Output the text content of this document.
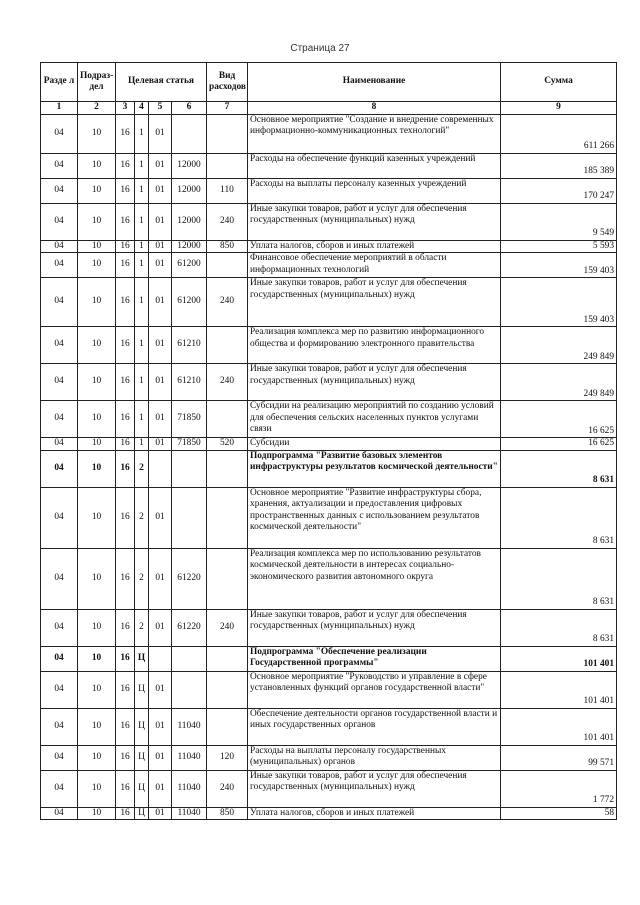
Страница 27
Разде л	Подраз-дел	Целевая статья				Вид расходов	Наименование	Сумма
1	2	3	4	5	6	7	8	9
04	10	16	1	01			Основное мероприятие "Создание и внедрение современных информационно-коммуникационных технологий"	611 266
04	10	16	1	01	12000		Расходы на обеспечение функций казенных учреждений	185 389
04	10	16	1	01	12000	110	Расходы на выплаты персоналу казенных учреждений	170 247
04	10	16	1	01	12000	240	Иные закупки товаров, работ и услуг для обеспечения государственных (муниципальных) нужд	9 549
04	10	16	1	01	12000	850	Уплата налогов, сборов и иных платежей	5 593
04	10	16	1	01	61200		Финансовое обеспечение мероприятий в области информационных технологий	159 403
04	10	16	1	01	61200	240	Иные закупки товаров, работ и услуг для обеспечения государственных (муниципальных) нужд	159 403
04	10	16	1	01	61210		Реализация комплекса мер по развитию информационного общества и формированию электронного правительства	249 849
04	10	16	1	01	61210	240	Иные закупки товаров, работ и услуг для обеспечения государственных (муниципальных) нужд	249 849
04	10	16	1	01	71850		Субсидии на реализацию мероприятий по созданию условий для обеспечения сельских населенных пунктов услугами связи	16 625
04	10	16	1	01	71850	520	Субсидии	16 625
04	10	16	2				Подпрограмма "Развитие базовых элементов инфраструктуры результатов космической деятельности"	8 631
04	10	16	2	01			Основное мероприятие "Развитие инфраструктуры сбора, хранения, актуализации и предоставления цифровых пространственных данных с использованием результатов космической деятельности"	8 631
04	10	16	2	01	61220		Реализация комплекса мер по использованию результатов космической деятельности в интересах социально-экономического развития автономного округа	8 631
04	10	16	2	01	61220	240	Иные закупки товаров, работ и услуг для обеспечения государственных (муниципальных) нужд	8 631
04	10	16	Ц				Подпрограмма "Обеспечение реализации Государственной программы"	101 401
04	10	16	Ц	01			Основное мероприятие "Руководство и управление в сфере установленных функций органов государственной власти"	101 401
04	10	16	Ц	01	11040		Обеспечение деятельности органов государственной власти и иных государственных органов	101 401
04	10	16	Ц	01	11040	120	Расходы на выплаты персоналу государственных (муниципальных) органов	99 571
04	10	16	Ц	01	11040	240	Иные закупки товаров, работ и услуг для обеспечения государственных (муниципальных) нужд	1 772
04	10	16	Ц	01	11040	850	Уплата налогов, сборов и иных платежей	58
